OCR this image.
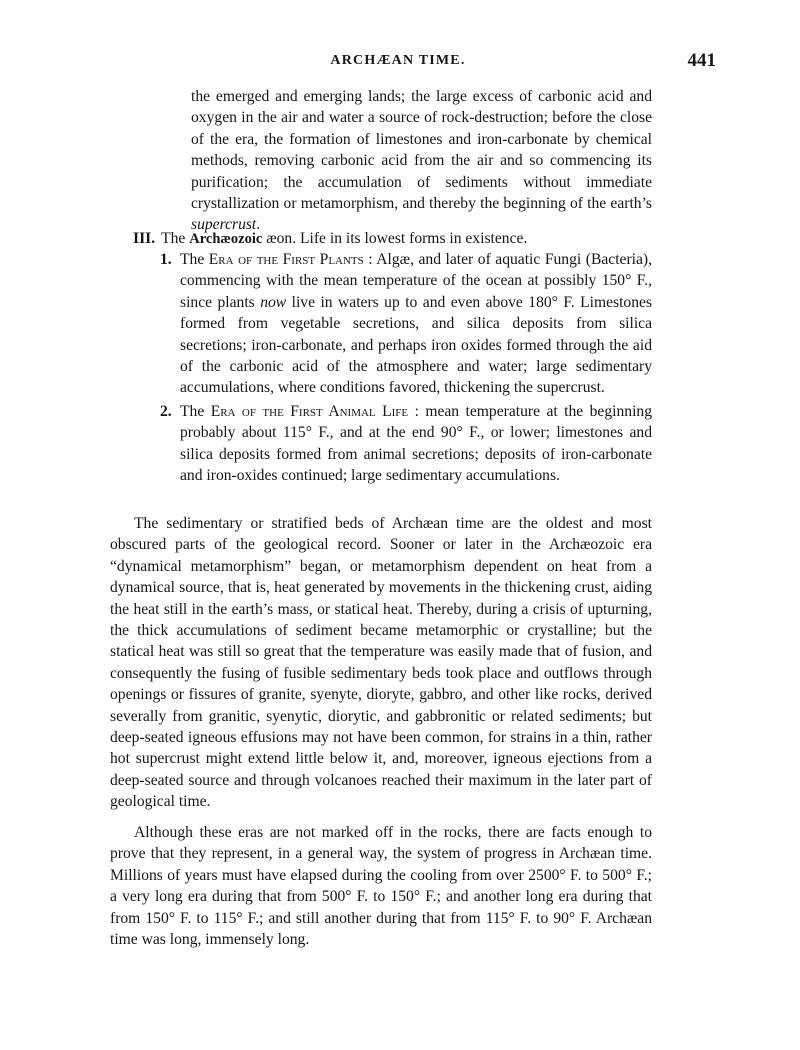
ARCHÆAN TIME.	441
the emerged and emerging lands; the large excess of carbonic acid and oxygen in the air and water a source of rock-destruction; before the close of the era, the formation of limestones and iron-carbonate by chemical methods, removing carbonic acid from the air and so commencing its purification; the accumulation of sediments without immediate crystallization or metamorphism, and thereby the beginning of the earth’s supercrust.
III. The Archæozoic æon. Life in its lowest forms in existence.
1. The Era of the First Plants : Algæ, and later of aquatic Fungi (Bacteria), commencing with the mean temperature of the ocean at possibly 150° F., since plants now live in waters up to and even above 180° F. Limestones formed from vegetable secretions, and silica deposits from silica secretions; iron-carbonate, and perhaps iron oxides formed through the aid of the carbonic acid of the atmosphere and water; large sedimentary accumulations, where conditions favored, thickening the supercrust.
2. The Era of the First Animal Life : mean temperature at the beginning probably about 115° F., and at the end 90° F., or lower; limestones and silica deposits formed from animal secretions; deposits of iron-carbonate and iron-oxides continued; large sedimentary accumulations.
The sedimentary or stratified beds of Archæan time are the oldest and most obscured parts of the geological record. Sooner or later in the Archæozoic era “dynamical metamorphism” began, or metamorphism dependent on heat from a dynamical source, that is, heat generated by movements in the thickening crust, aiding the heat still in the earth’s mass, or statical heat. Thereby, during a crisis of upturning, the thick accumulations of sediment became metamorphic or crystalline; but the statical heat was still so great that the temperature was easily made that of fusion, and consequently the fusing of fusible sedimentary beds took place and outflows through openings or fissures of granite, syenyte, dioryte, gabbro, and other like rocks, derived severally from granitic, syenytic, diorytic, and gabbronitic or related sediments; but deep-seated igneous effusions may not have been common, for strains in a thin, rather hot supercrust might extend little below it, and, moreover, igneous ejections from a deep-seated source and through volcanoes reached their maximum in the later part of geological time.
Although these eras are not marked off in the rocks, there are facts enough to prove that they represent, in a general way, the system of progress in Archæan time. Millions of years must have elapsed during the cooling from over 2500° F. to 500° F.; a very long era during that from 500° F. to 150° F.; and another long era during that from 150° F. to 115° F.; and still another during that from 115° F. to 90° F. Archæan time was long, immensely long.
